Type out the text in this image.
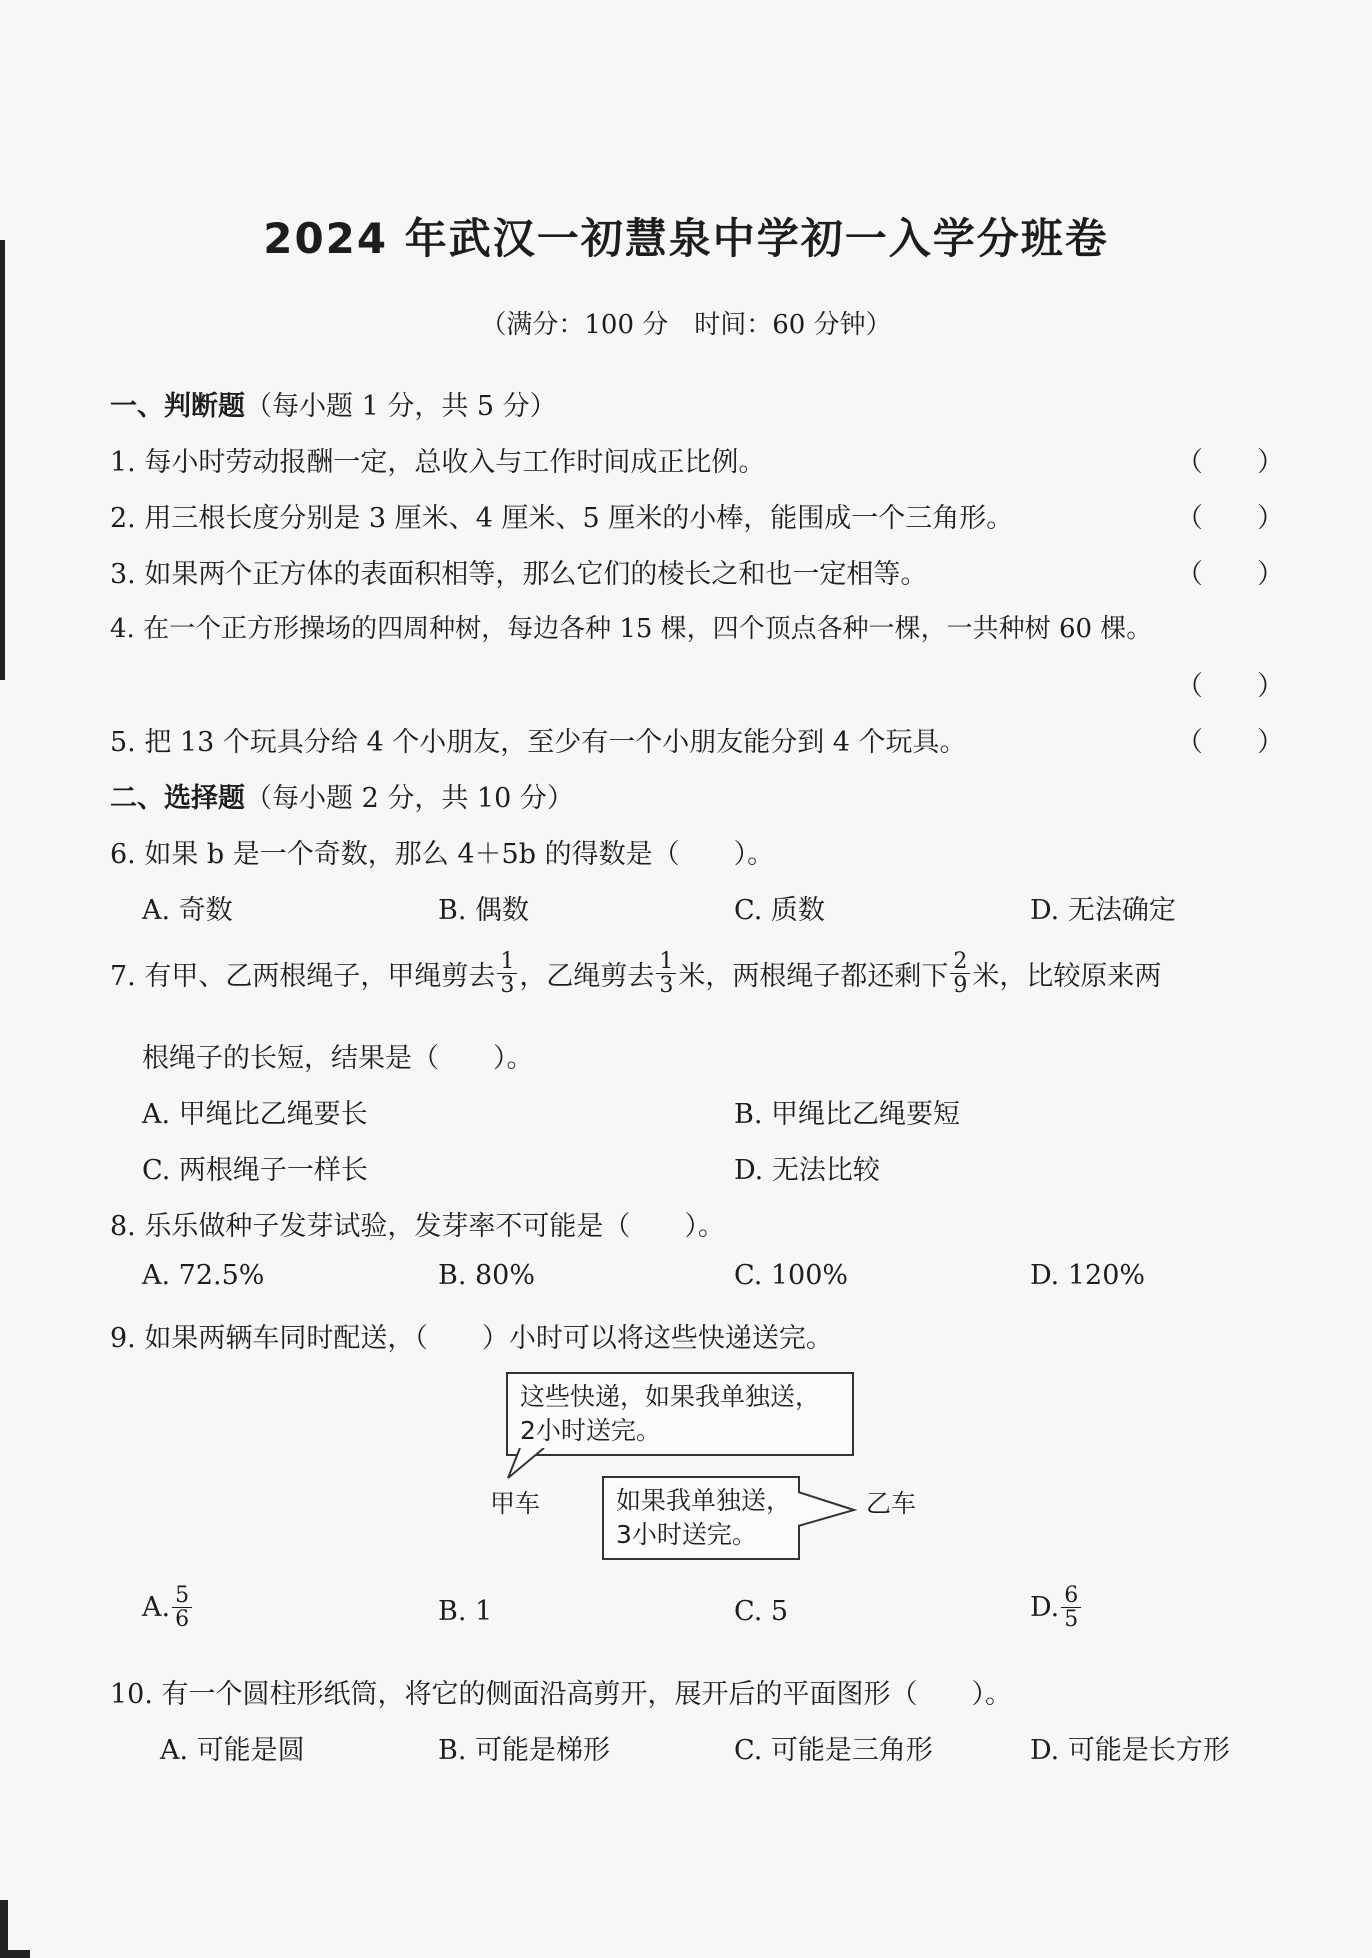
2024 年武汉一初慧泉中学初一入学分班卷
（满分：100 分　时间：60 分钟）
一、判断题（每小题 1 分，共 5 分）
1. 每小时劳动报酬一定，总收入与工作时间成正比例。	（　　）
2. 用三根长度分别是 3 厘米、4 厘米、5 厘米的小棒，能围成一个三角形。	（　　）
3. 如果两个正方体的表面积相等，那么它们的棱长之和也一定相等。	（　　）
4. 在一个正方形操场的四周种树，每边各种 15 棵，四个顶点各种一棵，一共种树 60 棵。
（　　）
5. 把 13 个玩具分给 4 个小朋友，至少有一个小朋友能分到 4 个玩具。	（　　）
二、选择题（每小题 2 分，共 10 分）
6. 如果 b 是一个奇数，那么 4＋5b 的得数是（　　）。
A. 奇数	B. 偶数	C. 质数	D. 无法确定
7. 有甲、乙两根绳子，甲绳剪去 $\frac{1}{3}$ ，乙绳剪去 $\frac{1}{3}$ 米，两根绳子都还剩下 $\frac{2}{9}$ 米，比较原来两
根绳子的长短，结果是（　　）。
A. 甲绳比乙绳要长	B. 甲绳比乙绳要短
C. 两根绳子一样长	D. 无法比较
8. 乐乐做种子发芽试验，发芽率不可能是（　　）。
A. 72.5%	B. 80%	C. 100%	D. 120%
9. 如果两辆车同时配送，（　　）小时可以将这些快递送完。
这些快递，如果我单独送，
2小时送完。
甲车	如果我单独送，
3小时送完。
乙车
A. $\frac{5}{6}$	B. 1	C. 5	D. $\frac{6}{5}$
10. 有一个圆柱形纸筒，将它的侧面沿高剪开，展开后的平面图形（　　）。
A. 可能是圆	B. 可能是梯形	C. 可能是三角形	D. 可能是长方形
